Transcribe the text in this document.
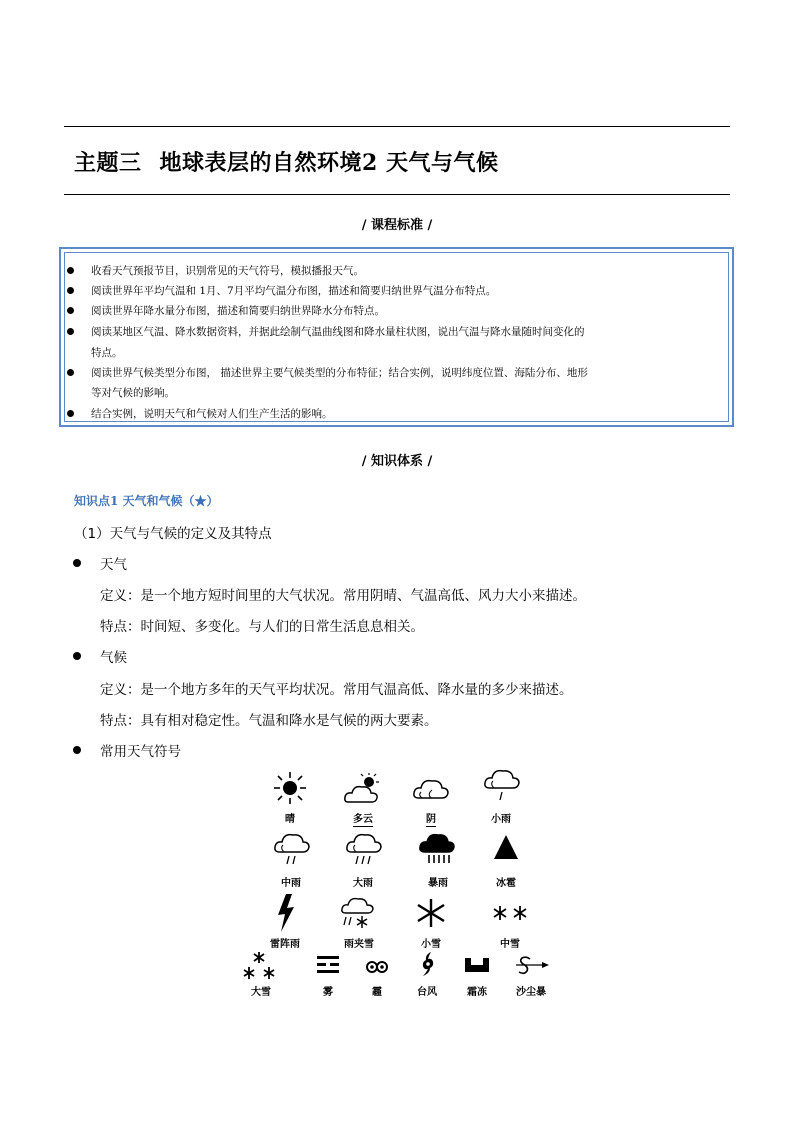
主题三 地球表层的自然环境2 天气与气候
/ 课程标准 /
收看天气预报节目，识别常见的天气符号，模拟播报天气。
阅读世界年平均气温和 1月、7月平均气温分布图，描述和简要归纳世界气温分布特点。
阅读世界年降水量分布图，描述和简要归纳世界降水分布特点。
阅读某地区气温、降水数据资料，并据此绘制气温曲线图和降水量柱状图，说出气温与降水量随时间变化的
特点。
阅读世界气候类型分布图， 描述世界主要气候类型的分布特征；结合实例，说明纬度位置、海陆分布、地形
等对气候的影响。
结合实例，说明天气和气候对人们生产生活的影响。
/ 知识体系 /
知识点1 天气和气候（★）
（1）天气与气候的定义及其特点
天气
定义：是一个地方短时间里的大气状况。常用阴晴、气温高低、风力大小来描述。
特点：时间短、多变化。与人们的日常生活息息相关。
气候
定义：是一个地方多年的天气平均状况。常用气温高低、降水量的多少来描述。
特点：具有相对稳定性。气温和降水是气候的两大要素。
常用天气符号
晴	多云	阴	小雨
中雨	大雨	暴雨	冰雹
雷阵雨	雨夹雪	小雪	中雪
大雪	雾	霾	台风	霜冻	沙尘暴
